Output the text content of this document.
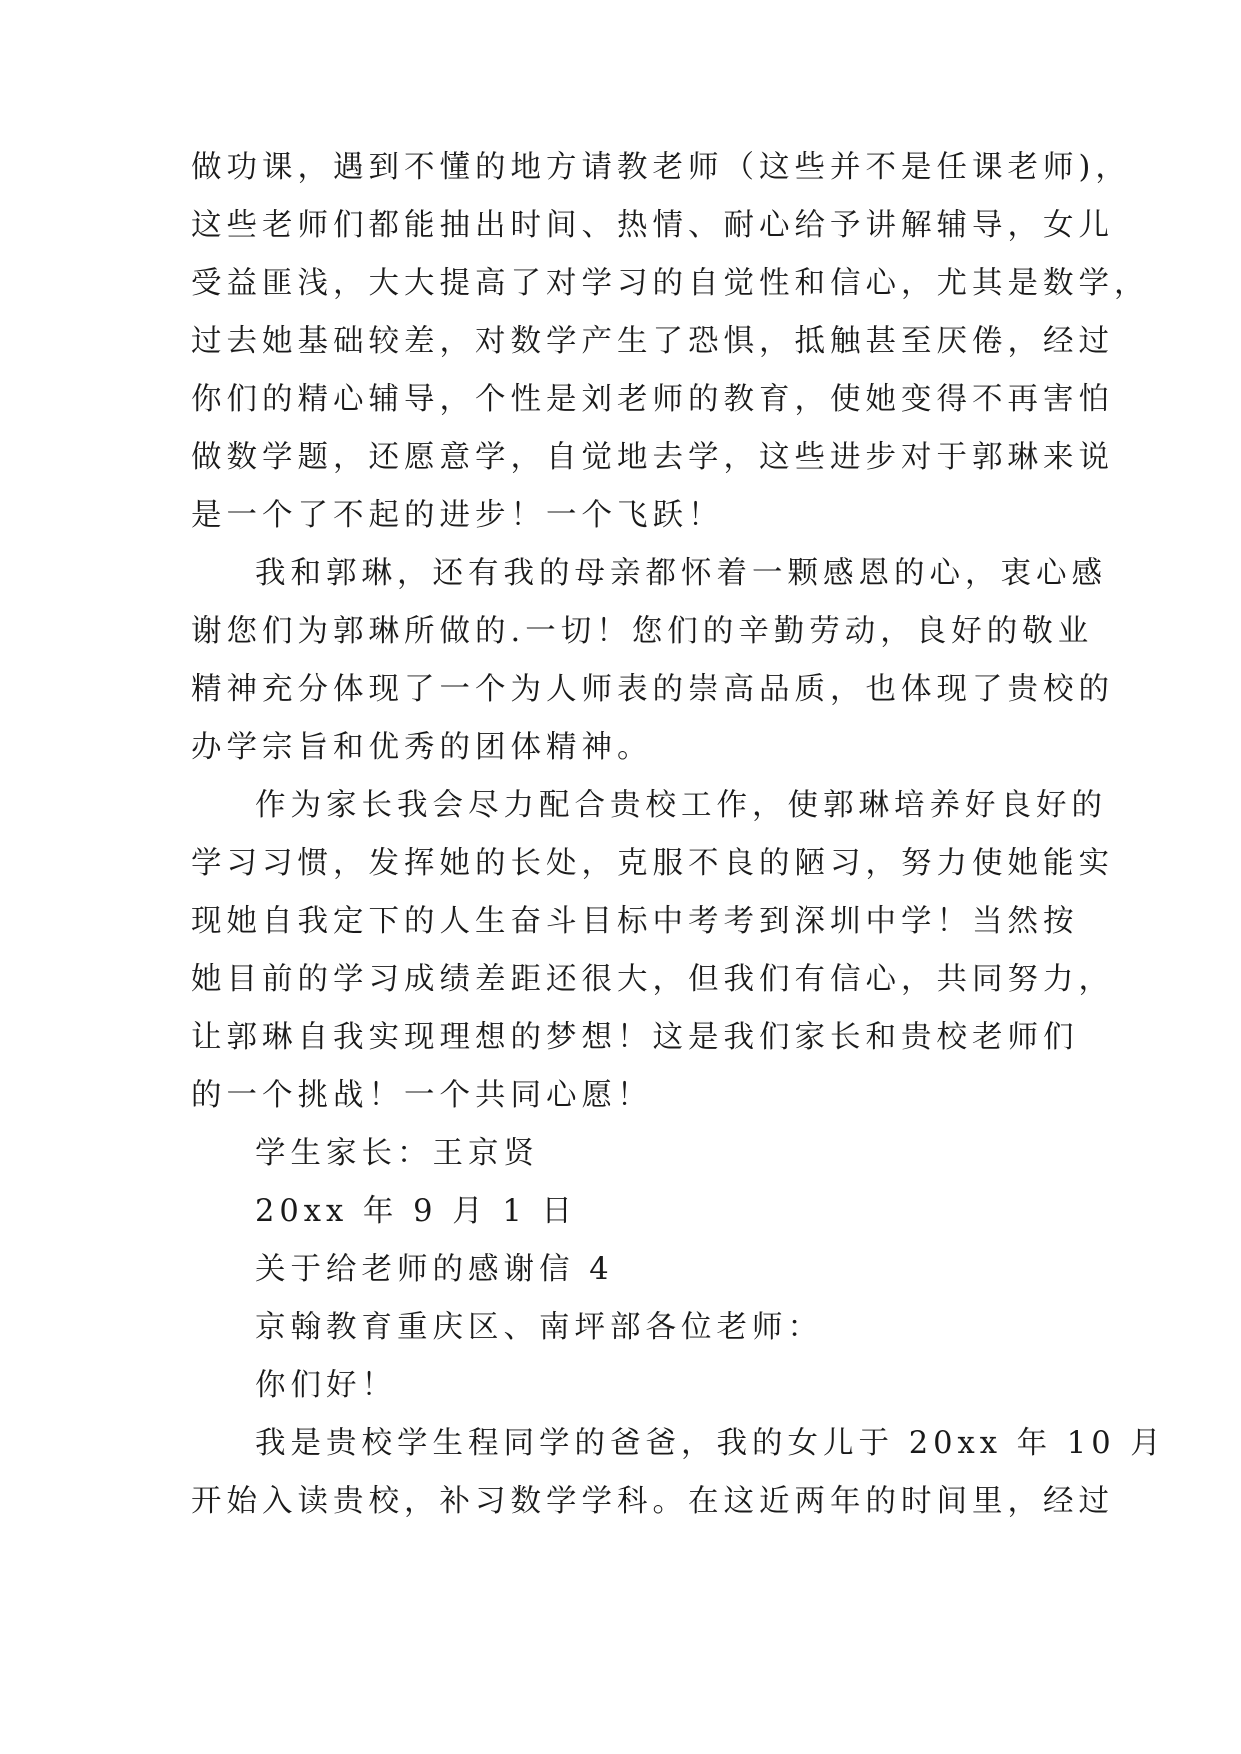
做功课，遇到不懂的地方请教老师（这些并不是任课老师)，
这些老师们都能抽出时间、热情、耐心给予讲解辅导，女儿
受益匪浅，大大提高了对学习的自觉性和信心，尤其是数学，
过去她基础较差，对数学产生了恐惧，抵触甚至厌倦，经过
你们的精心辅导，个性是刘老师的教育，使她变得不再害怕
做数学题，还愿意学，自觉地去学，这些进步对于郭琳来说
是一个了不起的进步！一个飞跃！
我和郭琳，还有我的母亲都怀着一颗感恩的心，衷心感
谢您们为郭琳所做的.一切！您们的辛勤劳动，良好的敬业
精神充分体现了一个为人师表的崇高品质，也体现了贵校的
办学宗旨和优秀的团体精神。
作为家长我会尽力配合贵校工作，使郭琳培养好良好的
学习习惯，发挥她的长处，克服不良的陋习，努力使她能实
现她自我定下的人生奋斗目标中考考到深圳中学！当然按
她目前的学习成绩差距还很大，但我们有信心，共同努力，
让郭琳自我实现理想的梦想！这是我们家长和贵校老师们
的一个挑战！一个共同心愿！
学生家长：王京贤
20xx 年 9 月 1 日
关于给老师的感谢信 4
京翰教育重庆区、南坪部各位老师：
你们好！
我是贵校学生程同学的爸爸，我的女儿于 20xx 年 10 月
开始入读贵校，补习数学学科。在这近两年的时间里，经过
